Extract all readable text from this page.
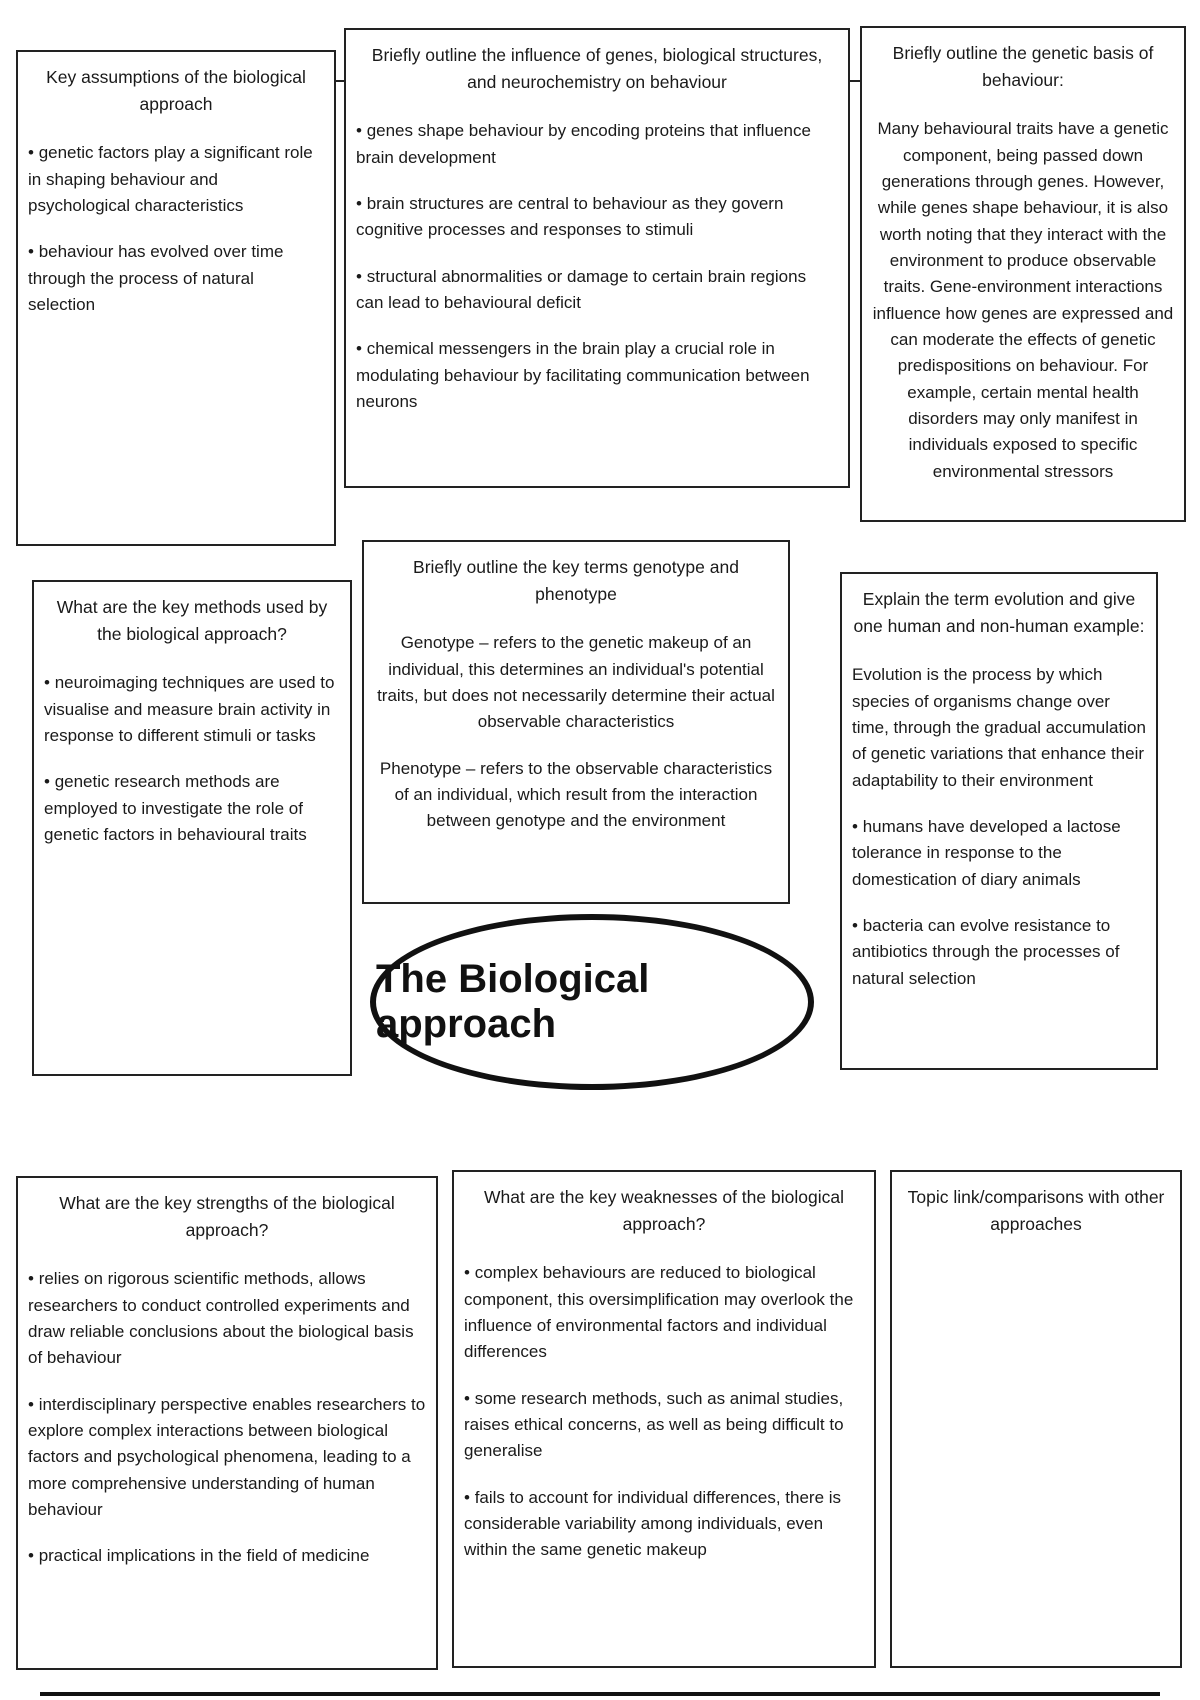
Key assumptions of the biological approach
• genetic factors play a significant role in shaping behaviour and psychological characteristics
• behaviour has evolved over time through the process of natural selection
Briefly outline the influence of genes, biological structures, and neurochemistry on behaviour
• genes shape behaviour by encoding proteins that influence brain development
• brain structures are central to behaviour as they govern cognitive processes and responses to stimuli
• structural abnormalities or damage to certain brain regions can lead to behavioural deficit
• chemical messengers in the brain play a crucial role in modulating behaviour by facilitating communication between neurons
Briefly outline the genetic basis of behaviour:

Many behavioural traits have a genetic component, being passed down generations through genes. However, while genes shape behaviour, it is also worth noting that they interact with the environment to produce observable traits. Gene-environment interactions influence how genes are expressed and can moderate the effects of genetic predispositions on behaviour. For example, certain mental health disorders may only manifest in individuals exposed to specific environmental stressors

What are the key methods used by the biological approach?
• neuroimaging techniques are used to visualise and measure brain activity in response to different stimuli or tasks
• genetic research methods are employed to investigate the role of genetic factors in behavioural traits
Briefly outline the key terms genotype and phenotype

Genotype – refers to the genetic makeup of an individual, this determines an individual's potential traits, but does not necessarily determine their actual observable characteristics

Phenotype – refers to the observable characteristics of an individual, which result from the interaction between genotype and the environment

Explain the term evolution and give one human and non-human example:

Evolution is the process by which species of organisms change over time, through the gradual accumulation of genetic variations that enhance their adaptability to their environment

• humans have developed a lactose tolerance in response to the domestication of diary animals
• bacteria can evolve resistance to antibiotics through the processes of natural selection
The Biological approach
What are the key strengths of the biological approach?
• relies on rigorous scientific methods, allows researchers to conduct controlled experiments and draw reliable conclusions about the biological basis of behaviour
• interdisciplinary perspective enables researchers to explore complex interactions between biological factors and psychological phenomena, leading to a more comprehensive understanding of human behaviour
• practical implications in the field of medicine
What are the key weaknesses of the biological approach?
• complex behaviours are reduced to biological component, this oversimplification may overlook the influence of environmental factors and individual differences
• some research methods, such as animal studies, raises ethical concerns, as well as being difficult to generalise
• fails to account for individual differences, there is considerable variability among individuals, even within the same genetic makeup
Topic link/comparisons with other approaches
